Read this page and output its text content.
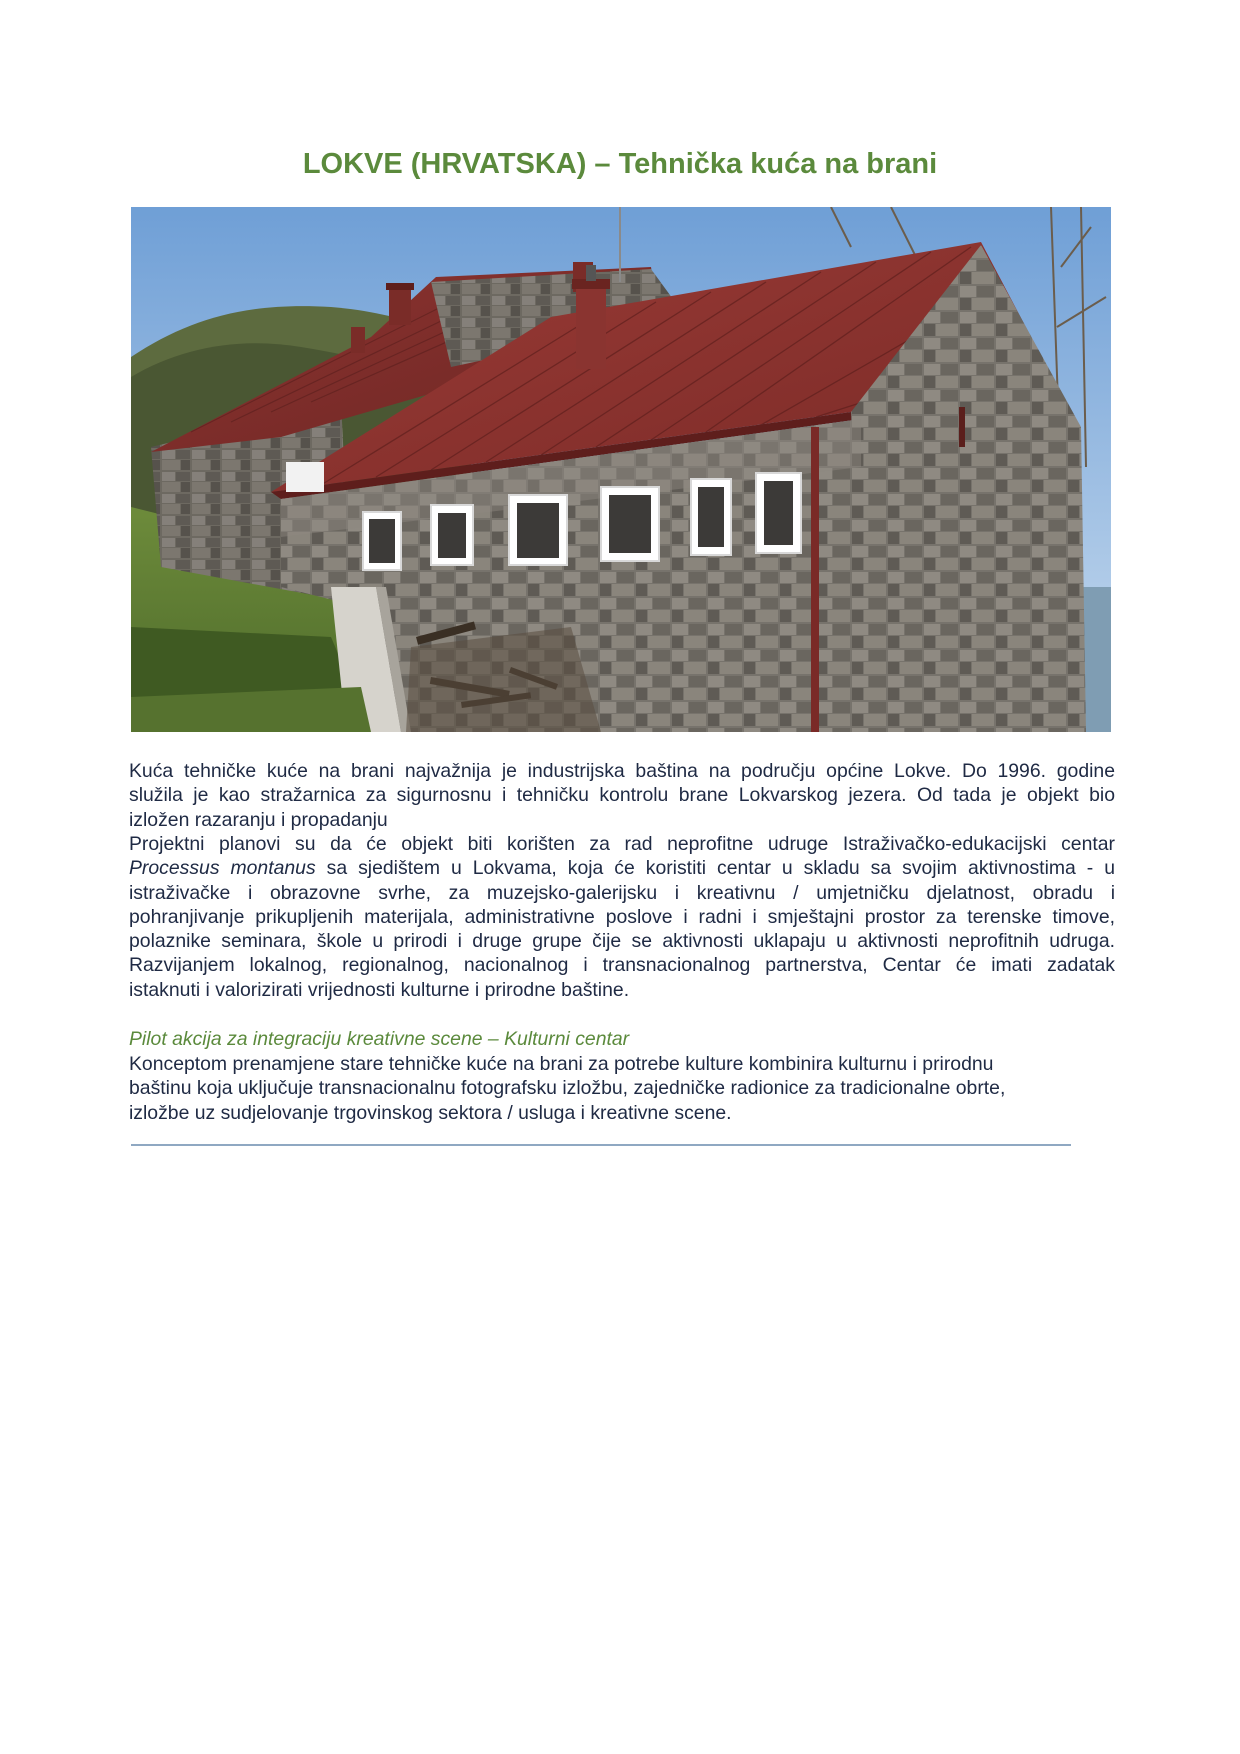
LOKVE (HRVATSKA) – Tehnička kuća na brani
Kuća tehničke kuće na brani najvažnija je industrijska baština na području općine Lokve. Do 1996. godine
služila je kao stražarnica za sigurnosnu i tehničku kontrolu brane Lokvarskog jezera. Od tada je objekt bio
izložen razaranju i propadanju
Projektni planovi su da će objekt biti korišten za rad neprofitne udruge Istraživačko-edukacijski centar
Processus montanus sa sjedištem u Lokvama, koja će koristiti centar u skladu sa svojim aktivnostima - u
istraživačke i obrazovne svrhe, za muzejsko-galerijsku i kreativnu / umjetničku djelatnost, obradu i
pohranjivanje prikupljenih materijala, administrativne poslove i radni i smještajni prostor za terenske timove,
polaznike seminara, škole u prirodi i druge grupe čije se aktivnosti uklapaju u aktivnosti neprofitnih udruga.
Razvijanjem lokalnog, regionalnog, nacionalnog i transnacionalnog partnerstva, Centar će imati zadatak
istaknuti i valorizirati vrijednosti kulturne i prirodne baštine.

Pilot akcija za integraciju kreativne scene – Kulturni centar

Konceptom prenamjene stare tehničke kuće na brani za potrebe kulture kombinira kulturnu i prirodnu
baštinu koja uključuje transnacionalnu fotografsku izložbu, zajedničke radionice za tradicionalne obrte,
izložbe uz sudjelovanje trgovinskog sektora / usluga i kreativne scene.
